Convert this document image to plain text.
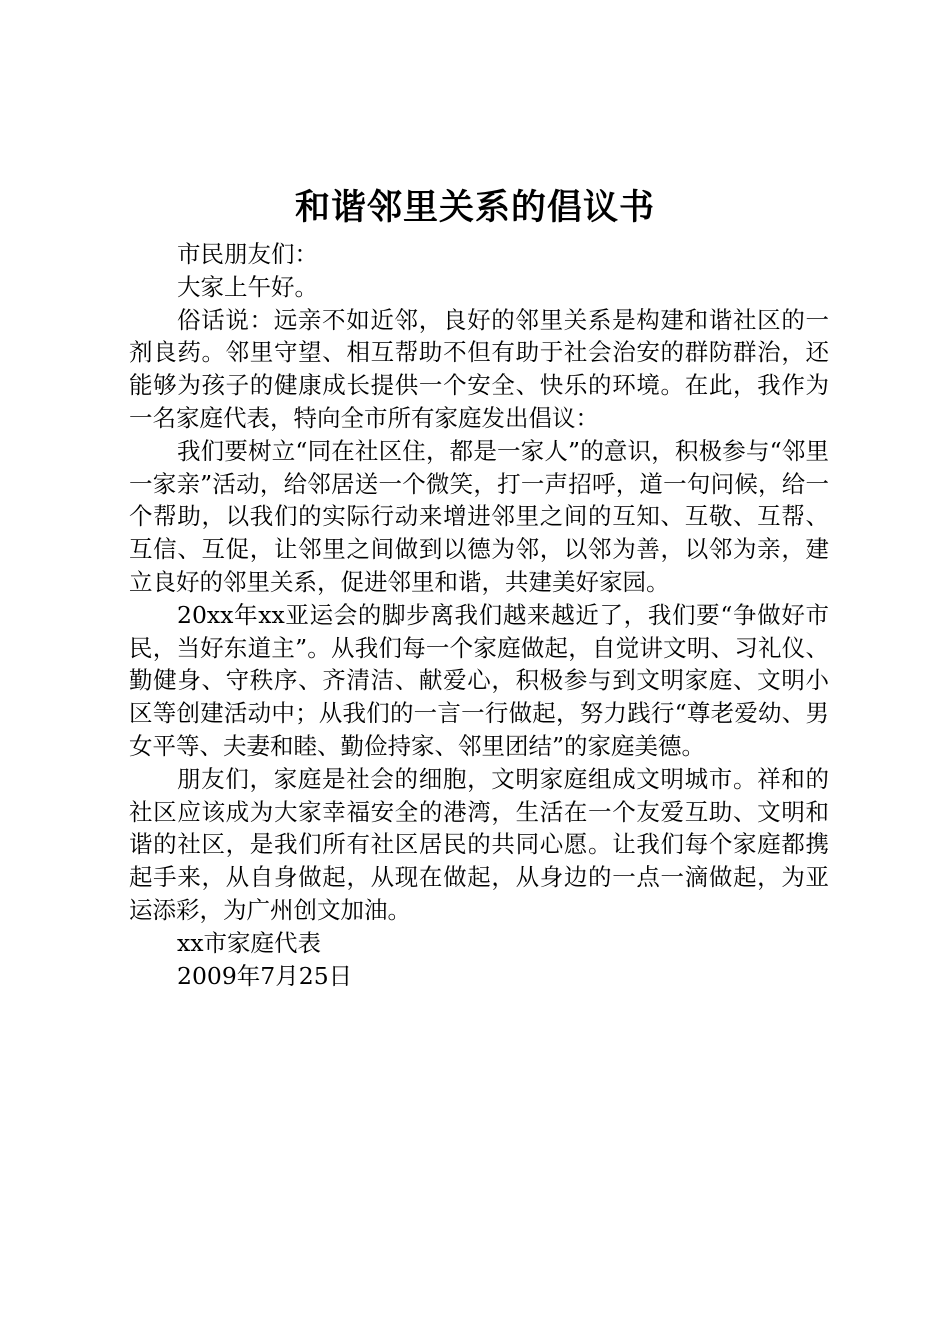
和谐邻里关系的倡议书

市民朋友们：

大家上午好。

俗话说：远亲不如近邻，良好的邻里关系是构建和谐社区的一剂良药。邻里守望、相互帮助不但有助于社会治安的群防群治，还能够为孩子的健康成长提供一个安全、快乐的环境。在此，我作为一名家庭代表，特向全市所有家庭发出倡议：

我们要树立“同在社区住，都是一家人”的意识，积极参与“邻里一家亲”活动，给邻居送一个微笑，打一声招呼，道一句问候，给一个帮助，以我们的实际行动来增进邻里之间的互知、互敬、互帮、互信、互促，让邻里之间做到以德为邻，以邻为善，以邻为亲，建立良好的邻里关系，促进邻里和谐，共建美好家园。

20xx年xx亚运会的脚步离我们越来越近了，我们要“争做好市民，当好东道主”。从我们每一个家庭做起，自觉讲文明、习礼仪、勤健身、守秩序、齐清洁、献爱心，积极参与到文明家庭、文明小区等创建活动中；从我们的一言一行做起，努力践行“尊老爱幼、男女平等、夫妻和睦、勤俭持家、邻里团结”的家庭美德。

朋友们，家庭是社会的细胞，文明家庭组成文明城市。祥和的社区应该成为大家幸福安全的港湾，生活在一个友爱互助、文明和谐的社区，是我们所有社区居民的共同心愿。让我们每个家庭都携起手来，从自身做起，从现在做起，从身边的一点一滴做起，为亚运添彩，为广州创文加油。

xx市家庭代表

2009年7月25日
